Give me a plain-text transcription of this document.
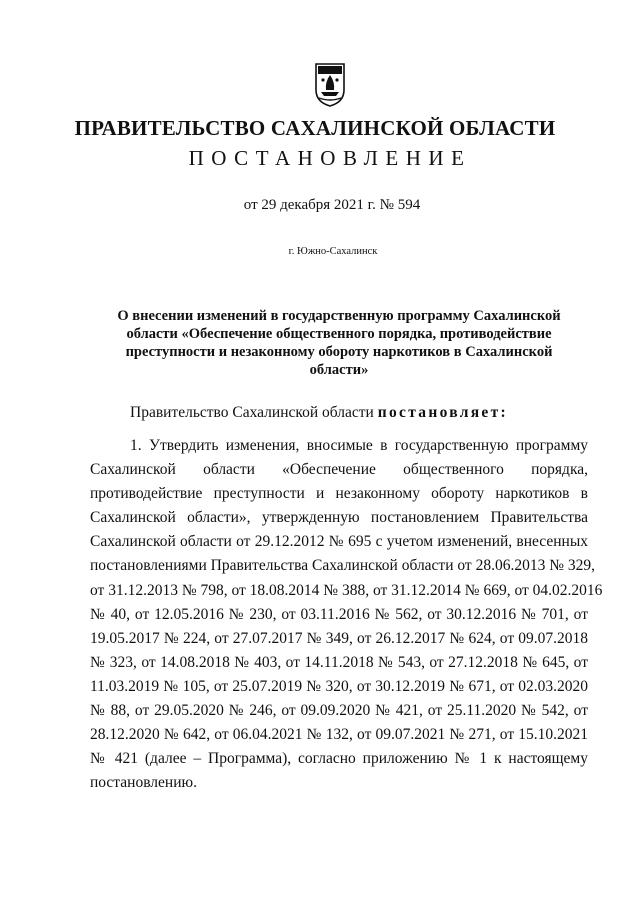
ПРАВИТЕЛЬСТВО САХАЛИНСКОЙ ОБЛАСТИ
ПОСТАНОВЛЕНИЕ
от 29 декабря 2021 г. № 594
г. Южно-Сахалинск
О внесении изменений в государственную программу Сахалинской
области «Обеспечение общественного порядка, противодействие
преступности и незаконному обороту наркотиков в Сахалинской
области»
Правительство Сахалинской области постановляет:
1. Утвердить изменения, вносимые в государственную программу
Сахалинской области «Обеспечение общественного порядка,
противодействие преступности и незаконному обороту наркотиков в
Сахалинской области», утвержденную постановлением Правительства
Сахалинской области от 29.12.2012 № 695 с учетом изменений, внесенных
постановлениями Правительства Сахалинской области от 28.06.2013 № 329,
от 31.12.2013 № 798, от 18.08.2014 № 388, от 31.12.2014 № 669, от 04.02.2016
№ 40, от 12.05.2016 № 230, от 03.11.2016 № 562, от 30.12.2016 № 701, от
19.05.2017 № 224, от 27.07.2017 № 349, от 26.12.2017 № 624, от 09.07.2018
№ 323, от 14.08.2018 № 403, от 14.11.2018 № 543, от 27.12.2018 № 645, от
11.03.2019 № 105, от 25.07.2019 № 320, от 30.12.2019 № 671, от 02.03.2020
№ 88, от 29.05.2020 № 246, от 09.09.2020 № 421, от 25.11.2020 № 542, от
28.12.2020 № 642, от 06.04.2021 № 132, от 09.07.2021 № 271, от 15.10.2021
№ 421 (далее – Программа), согласно приложению № 1 к настоящему
постановлению.
